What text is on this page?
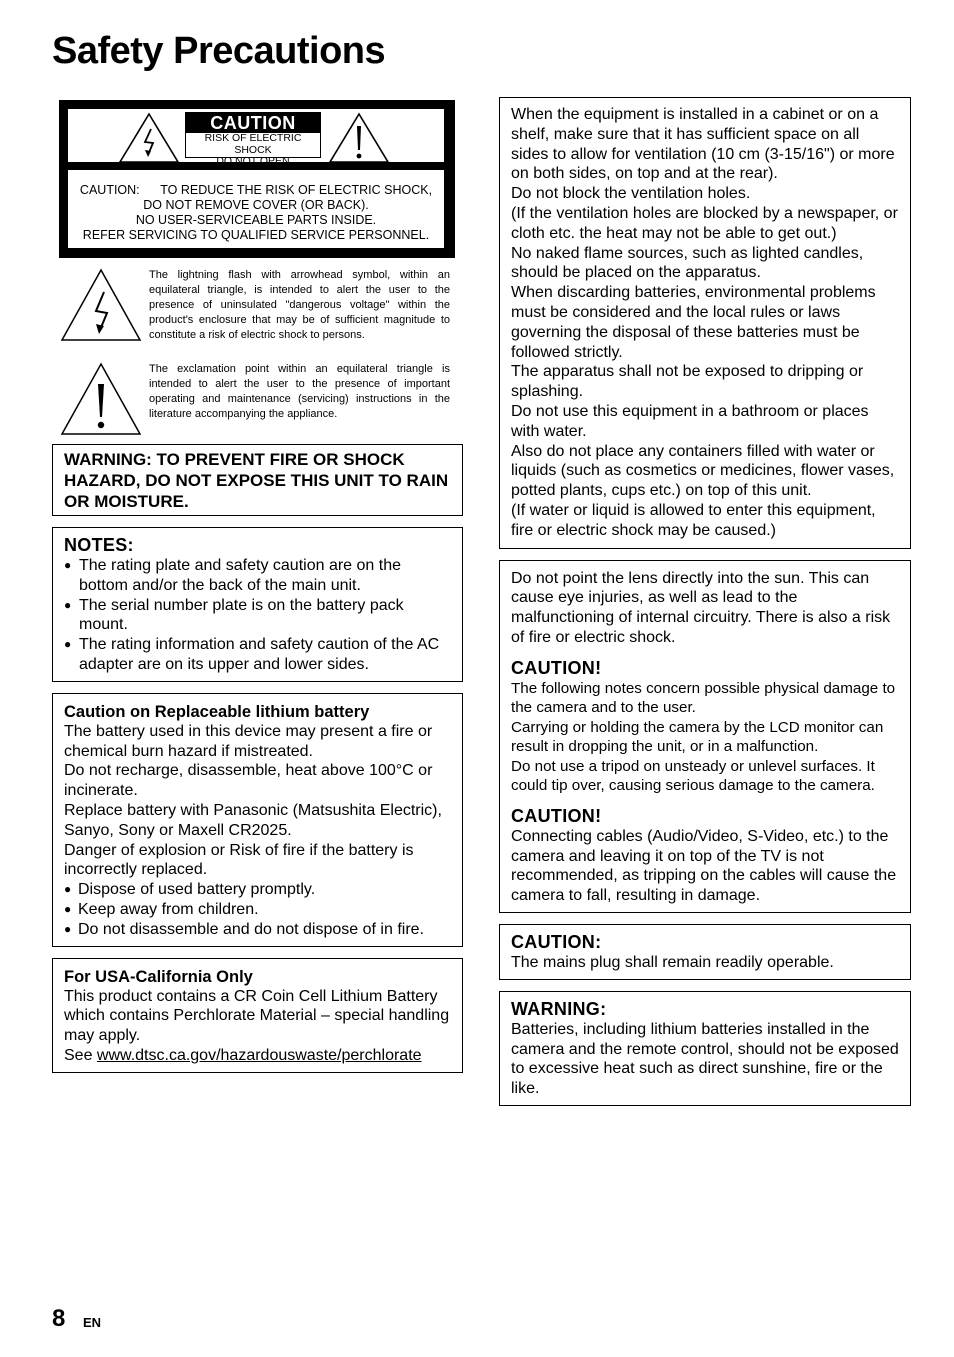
Safety Precautions
CAUTION
RISK OF ELECTRIC SHOCK
DO NOT OPEN
CAUTION:      TO REDUCE THE RISK OF ELECTRIC SHOCK,
DO NOT REMOVE COVER (OR BACK).
NO USER-SERVICEABLE PARTS INSIDE.
REFER SERVICING TO QUALIFIED SERVICE PERSONNEL.
The lightning flash with arrowhead symbol, within an equilateral triangle, is intended to alert the user to the presence of uninsulated "dangerous voltage" within the product's enclosure that may be of sufficient magnitude to constitute a risk of electric shock to persons.
The exclamation point within an equilateral triangle is intended to alert the user to the presence of important operating and maintenance (servicing) instructions in the literature accompanying the appliance.
WARNING: TO PREVENT FIRE OR SHOCK HAZARD, DO NOT EXPOSE THIS UNIT TO RAIN OR MOISTURE.
NOTES:
● The rating plate and safety caution are on the bottom and/or the back of the main unit.
● The serial number plate is on the battery pack mount.
● The rating information and safety caution of the AC adapter are on its upper and lower sides.
Caution on Replaceable lithium battery
The battery used in this device may present a fire or chemical burn hazard if mistreated.
Do not recharge, disassemble, heat above 100°C or incinerate.
Replace battery with Panasonic (Matsushita Electric), Sanyo, Sony or Maxell CR2025.
Danger of explosion or Risk of fire if the battery is incorrectly replaced.
● Dispose of used battery promptly.
● Keep away from children.
● Do not disassemble and do not dispose of in fire.
For USA-California Only
This product contains a CR Coin Cell Lithium Battery which contains Perchlorate Material – special handling may apply.
See www.dtsc.ca.gov/hazardouswaste/perchlorate
When the equipment is installed in a cabinet or on a shelf, make sure that it has sufficient space on all sides to allow for ventilation (10 cm (3-15/16") or more on both sides, on top and at the rear).
Do not block the ventilation holes.
(If the ventilation holes are blocked by a newspaper, or cloth etc. the heat may not be able to get out.)
No naked flame sources, such as lighted candles, should be placed on the apparatus.
When discarding batteries, environmental problems must be considered and the local rules or laws governing the disposal of these batteries must be followed strictly.
The apparatus shall not be exposed to dripping or splashing.
Do not use this equipment in a bathroom or places with water.
Also do not place any containers filled with water or liquids (such as cosmetics or medicines, flower vases, potted plants, cups etc.) on top of this unit.
(If water or liquid is allowed to enter this equipment, fire or electric shock may be caused.)
Do not point the lens directly into the sun. This can cause eye injuries, as well as lead to the malfunctioning of internal circuitry. There is also a risk of fire or electric shock.
CAUTION!
The following notes concern possible physical damage to the camera and to the user.
Carrying or holding the camera by the LCD monitor can result in dropping the unit, or in a malfunction.
Do not use a tripod on unsteady or unlevel surfaces. It could tip over, causing serious damage to the camera.
CAUTION!
Connecting cables (Audio/Video, S-Video, etc.) to the camera and leaving it on top of the TV is not recommended, as tripping on the cables will cause the camera to fall, resulting in damage.
CAUTION:
The mains plug shall remain readily operable.
WARNING:
Batteries, including lithium batteries installed in the camera and the remote control, should not be exposed to excessive heat such as direct sunshine, fire or the like.
8 EN
